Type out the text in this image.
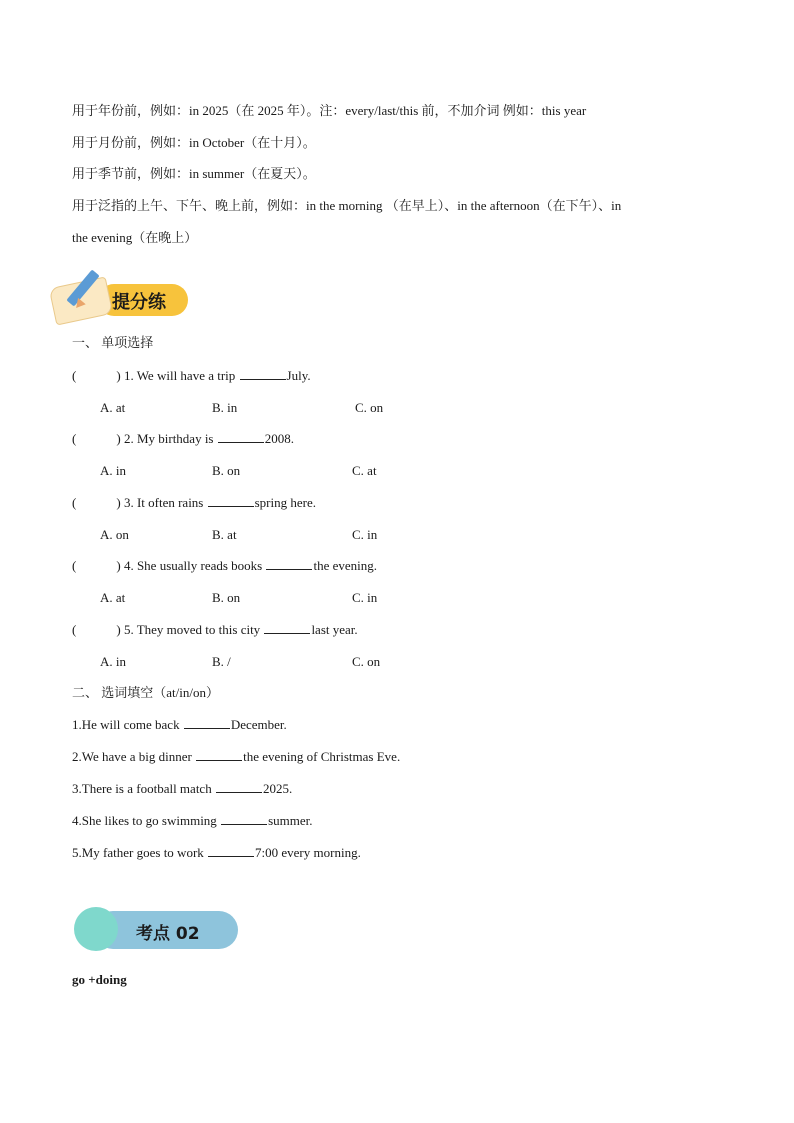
用于年份前，例如：in 2025（在 2025 年）。注：every/last/this 前，不加介词 例如：this year
用于月份前，例如：in October（在十月）。
用于季节前，例如：in summer（在夏天）。
用于泛指的上午、下午、晚上前，例如：in the morning （在早上）、in the afternoon（在下午）、in
the evening（在晚上）
提分练
一、 单项选择
(	) 1. We will have a trip	July.
A. at	B. in	C. on
(	) 2. My birthday is	2008.
A. in	B. on	C. at
(	) 3. It often rains	spring here.
A. on	B. at	C. in
(	) 4. She usually reads books	the evening.
A. at	B. on	C. in
(	) 5. They moved to this city	last year.
A. in	B. /	C. on
二、 选词填空（at/in/on）
1.He will come back	December.
2.We have a big dinner	the evening of Christmas Eve.
3.There is a football match	2025.
4.She likes to go swimming	summer.
5.My father goes to work	7:00 every morning.
考点 02
go +doing
